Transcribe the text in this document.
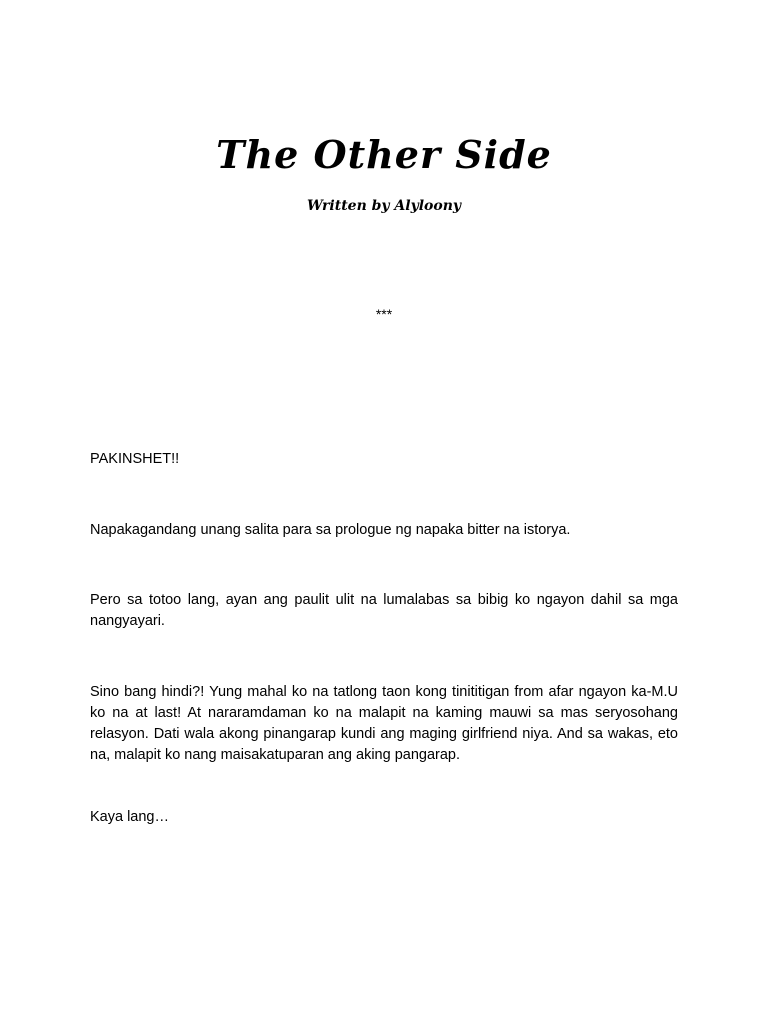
The Other Side
Written by Alyloony
***

PAKINSHET!!

Napakagandang unang salita para sa prologue ng napaka bitter na istorya.

Pero sa totoo lang, ayan ang paulit ulit na lumalabas sa bibig ko ngayon dahil sa mga nangyayari.

Sino bang hindi?! Yung mahal ko na tatlong taon kong tinititigan from afar ngayon ka-M.U ko na at last! At nararamdaman ko na malapit na kaming mauwi sa mas seryosohang relasyon. Dati wala akong pinangarap kundi ang maging girlfriend niya. And sa wakas, eto na, malapit ko nang maisakatuparan ang aking pangarap.

Kaya lang…
